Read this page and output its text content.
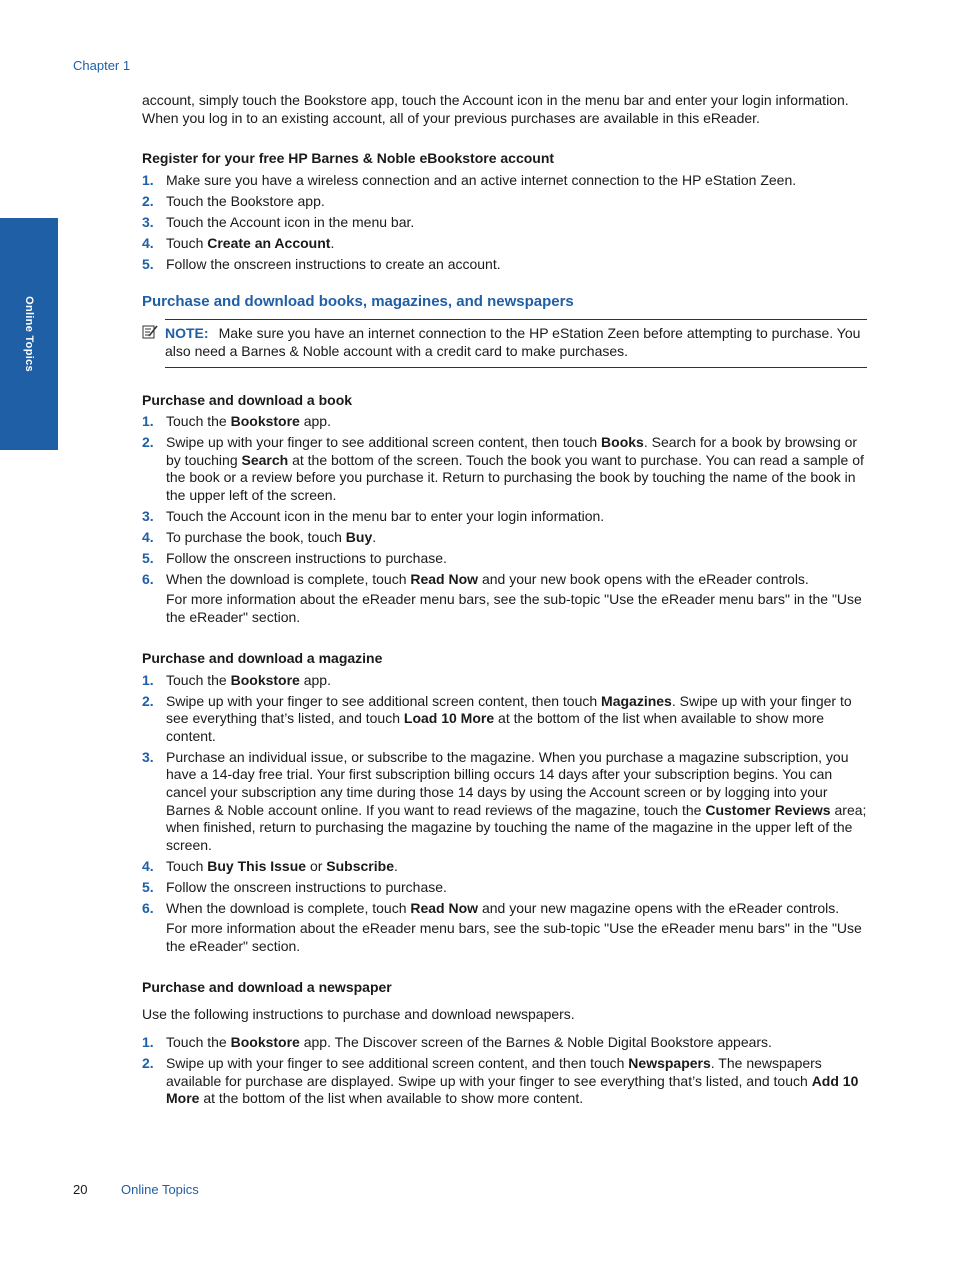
Chapter 1
Online Topics

account, simply touch the Bookstore app, touch the Account icon in the menu bar and enter your login information. When you log in to an existing account, all of your previous purchases are available in this eReader.

Register for your free HP Barnes & Noble eBookstore account

1. Make sure you have a wireless connection and an active internet connection to the HP eStation Zeen.
2. Touch the Bookstore app.
3. Touch the Account icon in the menu bar.
4. Touch Create an Account.
5. Follow the onscreen instructions to create an account.
Purchase and download books, magazines, and newspapers
NOTE: Make sure you have an internet connection to the HP eStation Zeen before attempting to purchase. You also need a Barnes & Noble account with a credit card to make purchases.

Purchase and download a book

1. Touch the Bookstore app.
2. Swipe up with your finger to see additional screen content, then touch Books. Search for a book by browsing or by touching Search at the bottom of the screen. Touch the book you want to purchase. You can read a sample of the book or a review before you purchase it. Return to purchasing the book by touching the name of the book in the upper left of the screen.
3. Touch the Account icon in the menu bar to enter your login information.
4. To purchase the book, touch Buy.
5. Follow the onscreen instructions to purchase.
6. When the download is complete, touch Read Now and your new book opens with the eReader controls.
For more information about the eReader menu bars, see the sub-topic "Use the eReader menu bars" in the "Use the eReader" section.

Purchase and download a magazine

1. Touch the Bookstore app.
2. Swipe up with your finger to see additional screen content, then touch Magazines. Swipe up with your finger to see everything that’s listed, and touch Load 10 More at the bottom of the list when available to show more content.
3. Purchase an individual issue, or subscribe to the magazine. When you purchase a magazine subscription, you have a 14-day free trial. Your first subscription billing occurs 14 days after your subscription begins. You can cancel your subscription any time during those 14 days by using the Account screen or by logging into your Barnes & Noble account online. If you want to read reviews of the magazine, touch the Customer Reviews area; when finished, return to purchasing the magazine by touching the name of the magazine in the upper left of the screen.
4. Touch Buy This Issue or Subscribe.
5. Follow the onscreen instructions to purchase.
6. When the download is complete, touch Read Now and your new magazine opens with the eReader controls.
For more information about the eReader menu bars, see the sub-topic "Use the eReader menu bars" in the "Use the eReader" section.

Purchase and download a newspaper

Use the following instructions to purchase and download newspapers.

1. Touch the Bookstore app. The Discover screen of the Barnes & Noble Digital Bookstore appears.
2. Swipe up with your finger to see additional screen content, and then touch Newspapers. The newspapers available for purchase are displayed. Swipe up with your finger to see everything that’s listed, and touch Add 10 More at the bottom of the list when available to show more content.
20	Online Topics
